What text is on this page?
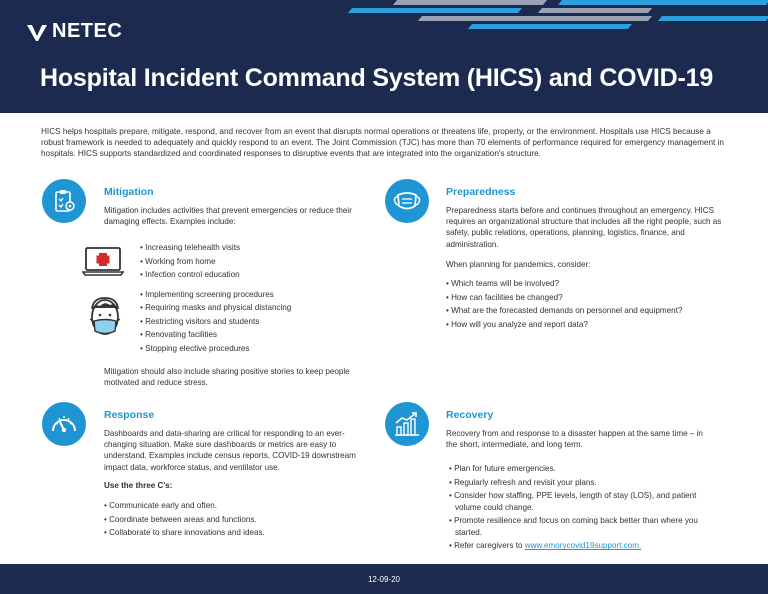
NETEC
Hospital Incident Command System (HICS) and COVID-19
HICS helps hospitals prepare, mitigate, respond, and recover from an event that disrupts normal operations or threatens life, property, or the environment. Hospitals use HICS because a robust framework is needed to adequately and quickly respond to an event. The Joint Commission (TJC) has more than 70 elements of performance required for emergency management in hospitals. HICS supports standardized and coordinated responses to disruptive events that are integrated into the organization's structure.
Mitigation
Mitigation includes activities that prevent emergencies or reduce their damaging effects. Examples include:
• Increasing telehealth visits
• Working from home
• Infection control education
• Implementing screening procedures
• Requiring masks and physical distancing
• Restricting visitors and students
• Renovating facilities
• Stopping elective procedures
Mitigation should also include sharing positive stories to keep people motivated and reduce stress.
Preparedness
Preparedness starts before and continues throughout an emergency. HICS requires an organizational structure that includes all the right people, such as safety, public relations, operations, planning, logistics, finance, and administration.
When planning for pandemics, consider:
• Which teams will be involved?
• How can facilities be changed?
• What are the forecasted demands on personnel and equipment?
• How will you analyze and report data?
Response
Dashboards and data-sharing are critical for responding to an ever-changing situation. Make sure dashboards or metrics are easy to understand. Examples include census reports, COVID-19 downstream impact data, workforce status, and ventilator use.
Use the three C's:
• Communicate early and often.
• Coordinate between areas and functions.
• Collaborate to share innovations and ideas.
Recovery
Recovery from and response to a disaster happen at the same time – in the short, intermediate, and long term.
• Plan for future emergencies.
• Regularly refresh and revisit your plans.
• Consider how staffing, PPE levels, length of stay (LOS), and patient volume could change.
• Promote resilience and focus on coming back better than where you started.
• Refer caregivers to www.emorycovid19support.com.
12-09-20
